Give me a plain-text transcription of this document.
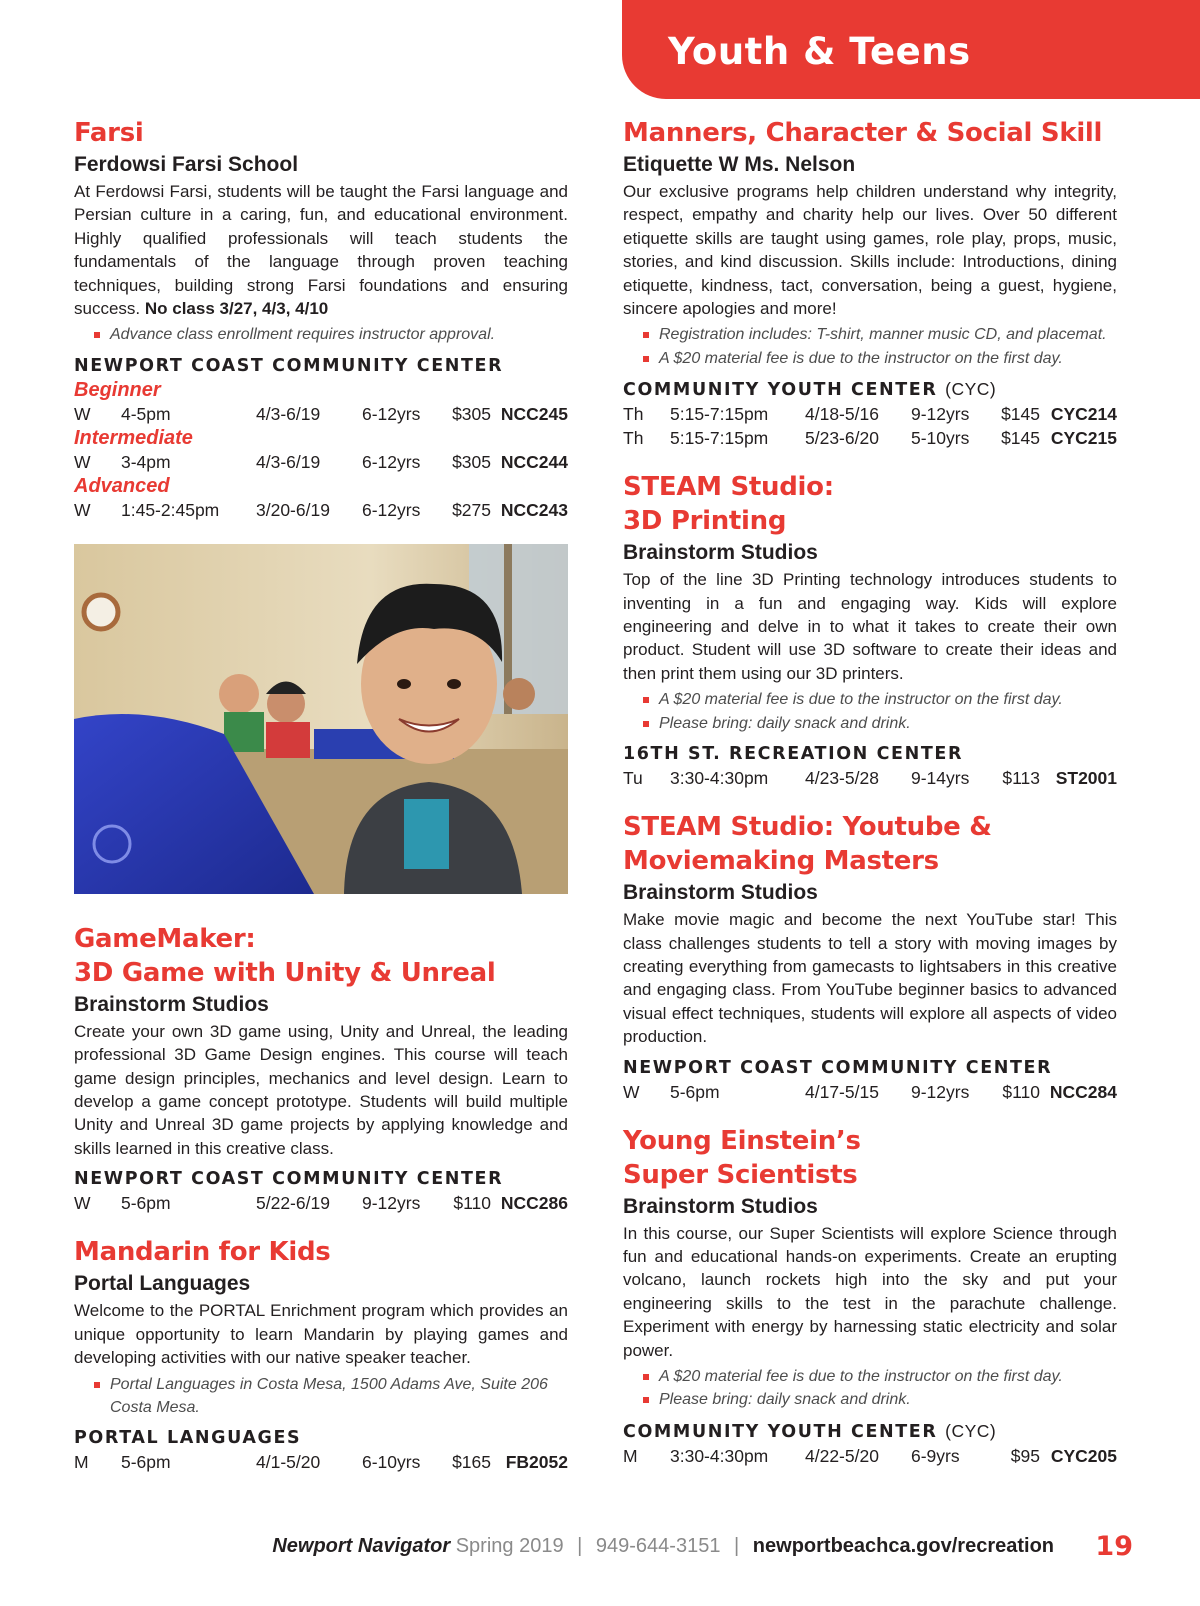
Youth & Teens
Farsi
Ferdowsi Farsi School

At Ferdowsi Farsi, students will be taught the Farsi language and Persian culture in a caring, fun, and educational environment. Highly qualified professionals will teach students the fundamentals of the language through proven teaching techniques, building strong Farsi foundations and ensuring success. No class 3/27, 4/3, 4/10

Advance class enrollment requires instructor approval.
NEWPORT COAST COMMUNITY CENTER
Beginner
W 4-5pm	4/3-6/19 6-12yrs $305 NCC245
Intermediate
W 3-4pm	4/3-6/19 6-12yrs $305 NCC244
Advanced
W 1:45-2:45pm 3/20-6/19 6-12yrs $275 NCC243
GameMaker:
3D Game with Unity & Unreal
Brainstorm Studios

Create your own 3D game using, Unity and Unreal, the leading professional 3D Game Design engines. This course will teach game design principles, mechanics and level design. Learn to develop a game concept prototype. Students will build multiple Unity and Unreal 3D game projects by applying knowledge and skills learned in this creative class.

NEWPORT COAST COMMUNITY CENTER
W 5-6pm	5/22-6/19 9-12yrs $110 NCC286
Mandarin for Kids
Portal Languages

Welcome to the PORTAL Enrichment program which provides an unique opportunity to learn Mandarin by playing games and developing activities with our native speaker teacher.

Portal Languages in Costa Mesa, 1500 Adams Ave, Suite 206 Costa Mesa.
PORTAL LANGUAGES
M 5-6pm	4/1-5/20 6-10yrs $165 FB2052
Manners, Character & Social Skill
Etiquette W Ms. Nelson

Our exclusive programs help children understand why integrity, respect, empathy and charity help our lives. Over 50 different etiquette skills are taught using games, role play, props, music, stories, and kind discussion. Skills include: Introductions, dining etiquette, kindness, tact, conversation, being a guest, hygiene, sincere apologies and more!

Registration includes: T-shirt, manner music CD, and placemat.
A $20 material fee is due to the instructor on the first day.
COMMUNITY YOUTH CENTER (CYC)
Th 5:15-7:15pm 4/18-5/16 9-12yrs $145 CYC214
Th 5:15-7:15pm 5/23-6/20 5-10yrs $145 CYC215
STEAM Studio:
3D Printing
Brainstorm Studios

Top of the line 3D Printing technology introduces students to inventing in a fun and engaging way. Kids will explore engineering and delve in to what it takes to create their own product. Student will use 3D software to create their ideas and then print them using our 3D printers.

A $20 material fee is due to the instructor on the first day.
Please bring: daily snack and drink.
16TH ST. RECREATION CENTER
Tu 3:30-4:30pm 4/23-5/28 9-14yrs $113 ST2001
STEAM Studio: Youtube &
Moviemaking Masters
Brainstorm Studios

Make movie magic and become the next YouTube star! This class challenges students to tell a story with moving images by creating everything from gamecasts to lightsabers in this creative and engaging class. From YouTube beginner basics to advanced visual effect techniques, students will explore all aspects of video production.

NEWPORT COAST COMMUNITY CENTER
W 5-6pm	4/17-5/15 9-12yrs $110 NCC284
Young Einstein’s
Super Scientists
Brainstorm Studios

In this course, our Super Scientists will explore Science through fun and educational hands-on experiments. Create an erupting volcano, launch rockets high into the sky and put your engineering skills to the test in the parachute challenge. Experiment with energy by harnessing static electricity and solar power.

A $20 material fee is due to the instructor on the first day.
Please bring: daily snack and drink.
COMMUNITY YOUTH CENTER (CYC)
M 3:30-4:30pm 4/22-5/20 6-9yrs	$95 CYC205
Newport Navigator Spring 2019 | 949-644-3151 | newportbeachca.gov/recreation 19
